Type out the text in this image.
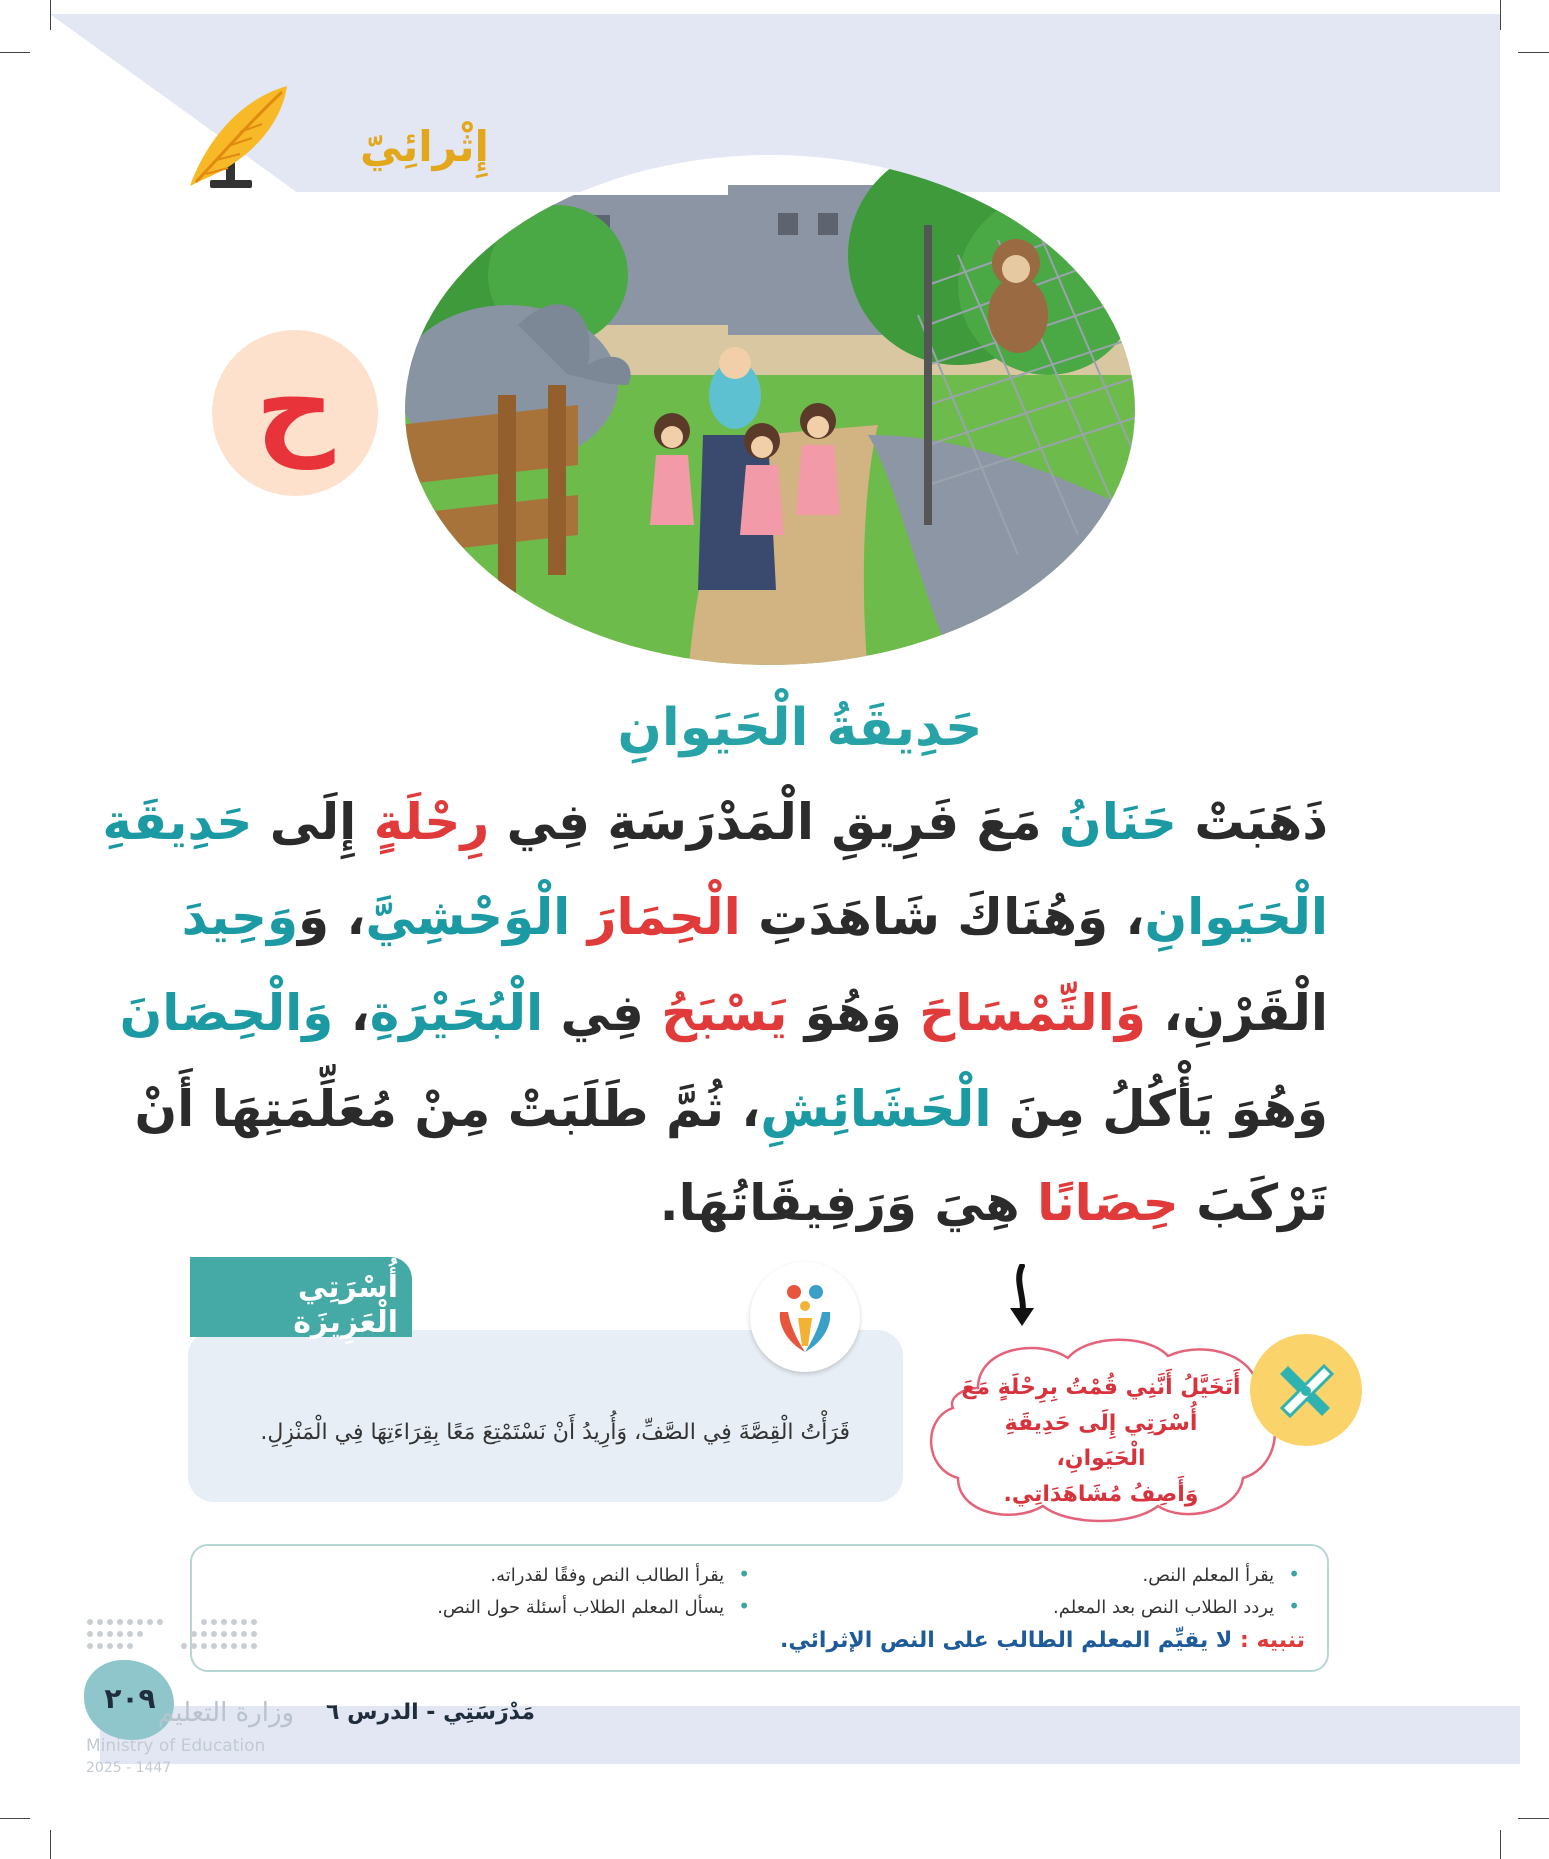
إِثْرائِيّ
ح
حَدِيقَةُ الْحَيَوانِ
ذَهَبَتْ حَنَانُ مَعَ فَرِيقِ الْمَدْرَسَةِ فِي رِحْلَةٍ إِلَى حَدِيقَةِ
الْحَيَوانِ، وَهُنَاكَ شَاهَدَتِ الْحِمَارَ الْوَحْشِيَّ، وَوَحِيدَ
الْقَرْنِ، وَالتِّمْسَاحَ وَهُوَ يَسْبَحُ فِي الْبُحَيْرَةِ، وَالْحِصَانَ
وَهُوَ يَأْكُلُ مِنَ الْحَشَائِشِ، ثُمَّ طَلَبَتْ مِنْ مُعَلِّمَتِهَا أَنْ
تَرْكَبَ حِصَانًا هِيَ وَرَفِيقَاتُهَا.
أُسْرَتِي الْعَزِيزَة
قَرَأْتُ الْقِصَّةَ فِي الصَّفِّ، وَأُرِيدُ أَنْ نَسْتَمْتِعَ مَعًا بِقِرَاءَتِهَا فِي الْمَنْزِلِ.
أَتَخَيَّلُ أَنَّنِي قُمْتُ بِرِحْلَةٍ مَعَ
أُسْرَتِي إِلَى حَدِيقَةِ الْحَيَوانِ،
وَأَصِفُ مُشَاهَدَاتِي.
• يقرأ المعلم النص.
• يردد الطلاب النص بعد المعلم.
• يقرأ الطالب النص وفقًا لقدراته.
• يسأل المعلم الطلاب أسئلة حول النص.
تنبيه : لا يقيِّم المعلم الطالب على النص الإثرائي.
٢٠٩ وزارة التعليم
Ministry of Education
2025 - 1447
مَدْرَسَتِي - الدرس ٦
